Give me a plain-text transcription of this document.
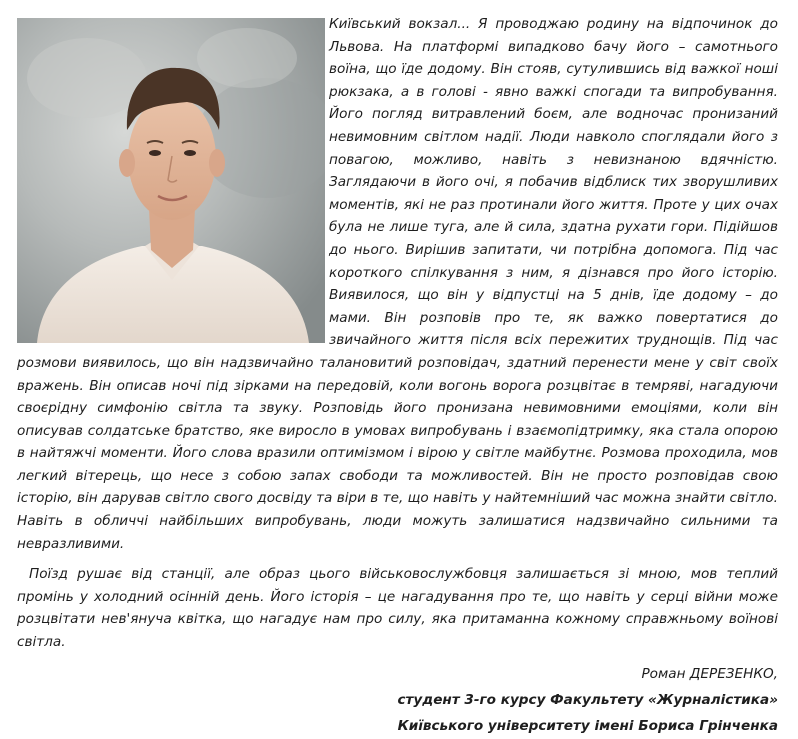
Київський вокзал... Я проводжаю родину на відпочинок до Львова. На платформі випадково бачу його – самотнього воїна, що їде додому. Він стояв, сутулившись від важкої ноші рюкзака, а в голові - явно важкі спогади та випробування. Його погляд витравлений боєм, але водночас пронизаний невимовним світлом надії. Люди навколо споглядали його з повагою, можливо, навіть з невизнаною вдячністю. Заглядаючи в його очі, я побачив відблиск тих зворушливих моментів, які не раз протинали його життя. Проте у цих очах була не лише туга, але й сила, здатна рухати гори. Підійшов до нього. Вирішив запитати, чи потрібна допомога. Під час короткого спілкування з ним, я дізнався про його історію. Виявилося, що він у відпустці на 5 днів, їде додому – до мами. Він розповів про те, як важко повертатися до звичайного життя після всіх пережитих труднощів. Під час розмови виявилось, що він надзвичайно талановитий розповідач, здатний перенести мене у світ своїх вражень. Він описав ночі під зірками на передовій, коли вогонь ворога розцвітає в темряві, нагадуючи своєрідну симфонію світла та звуку. Розповідь його пронизана невимовними емоціями, коли він описував солдатське братство, яке виросло в умовах випробувань і взаємопідтримку, яка стала опорою в найтяжчі моменти. Його слова вразили оптимізмом і вірою у світле майбутнє. Розмова проходила, мов легкий вітерець, що несе з собою запах свободи та можливостей. Він не просто розповідав свою історію, він дарував світло свого досвіду та віри в те, що навіть у найтемніший час можна знайти світло. Навіть в обличчі найбільших випробувань, люди можуть залишатися надзвичайно сильними та невразливими.

Поїзд рушає від станції, але образ цього військовослужбовця залишається зі мною, мов теплий промінь у холодний осінній день. Його історія – це нагадування про те, що навіть у серці війни може розцвітати нев'януча квітка, що нагадує нам про силу, яка притаманна кожному справжньому воїнові світла.

Роман ДЕРЕЗЕНКО,
студент 3-го курсу Факультету «Журналістика»
Київського університету імені Бориса Грінченка
